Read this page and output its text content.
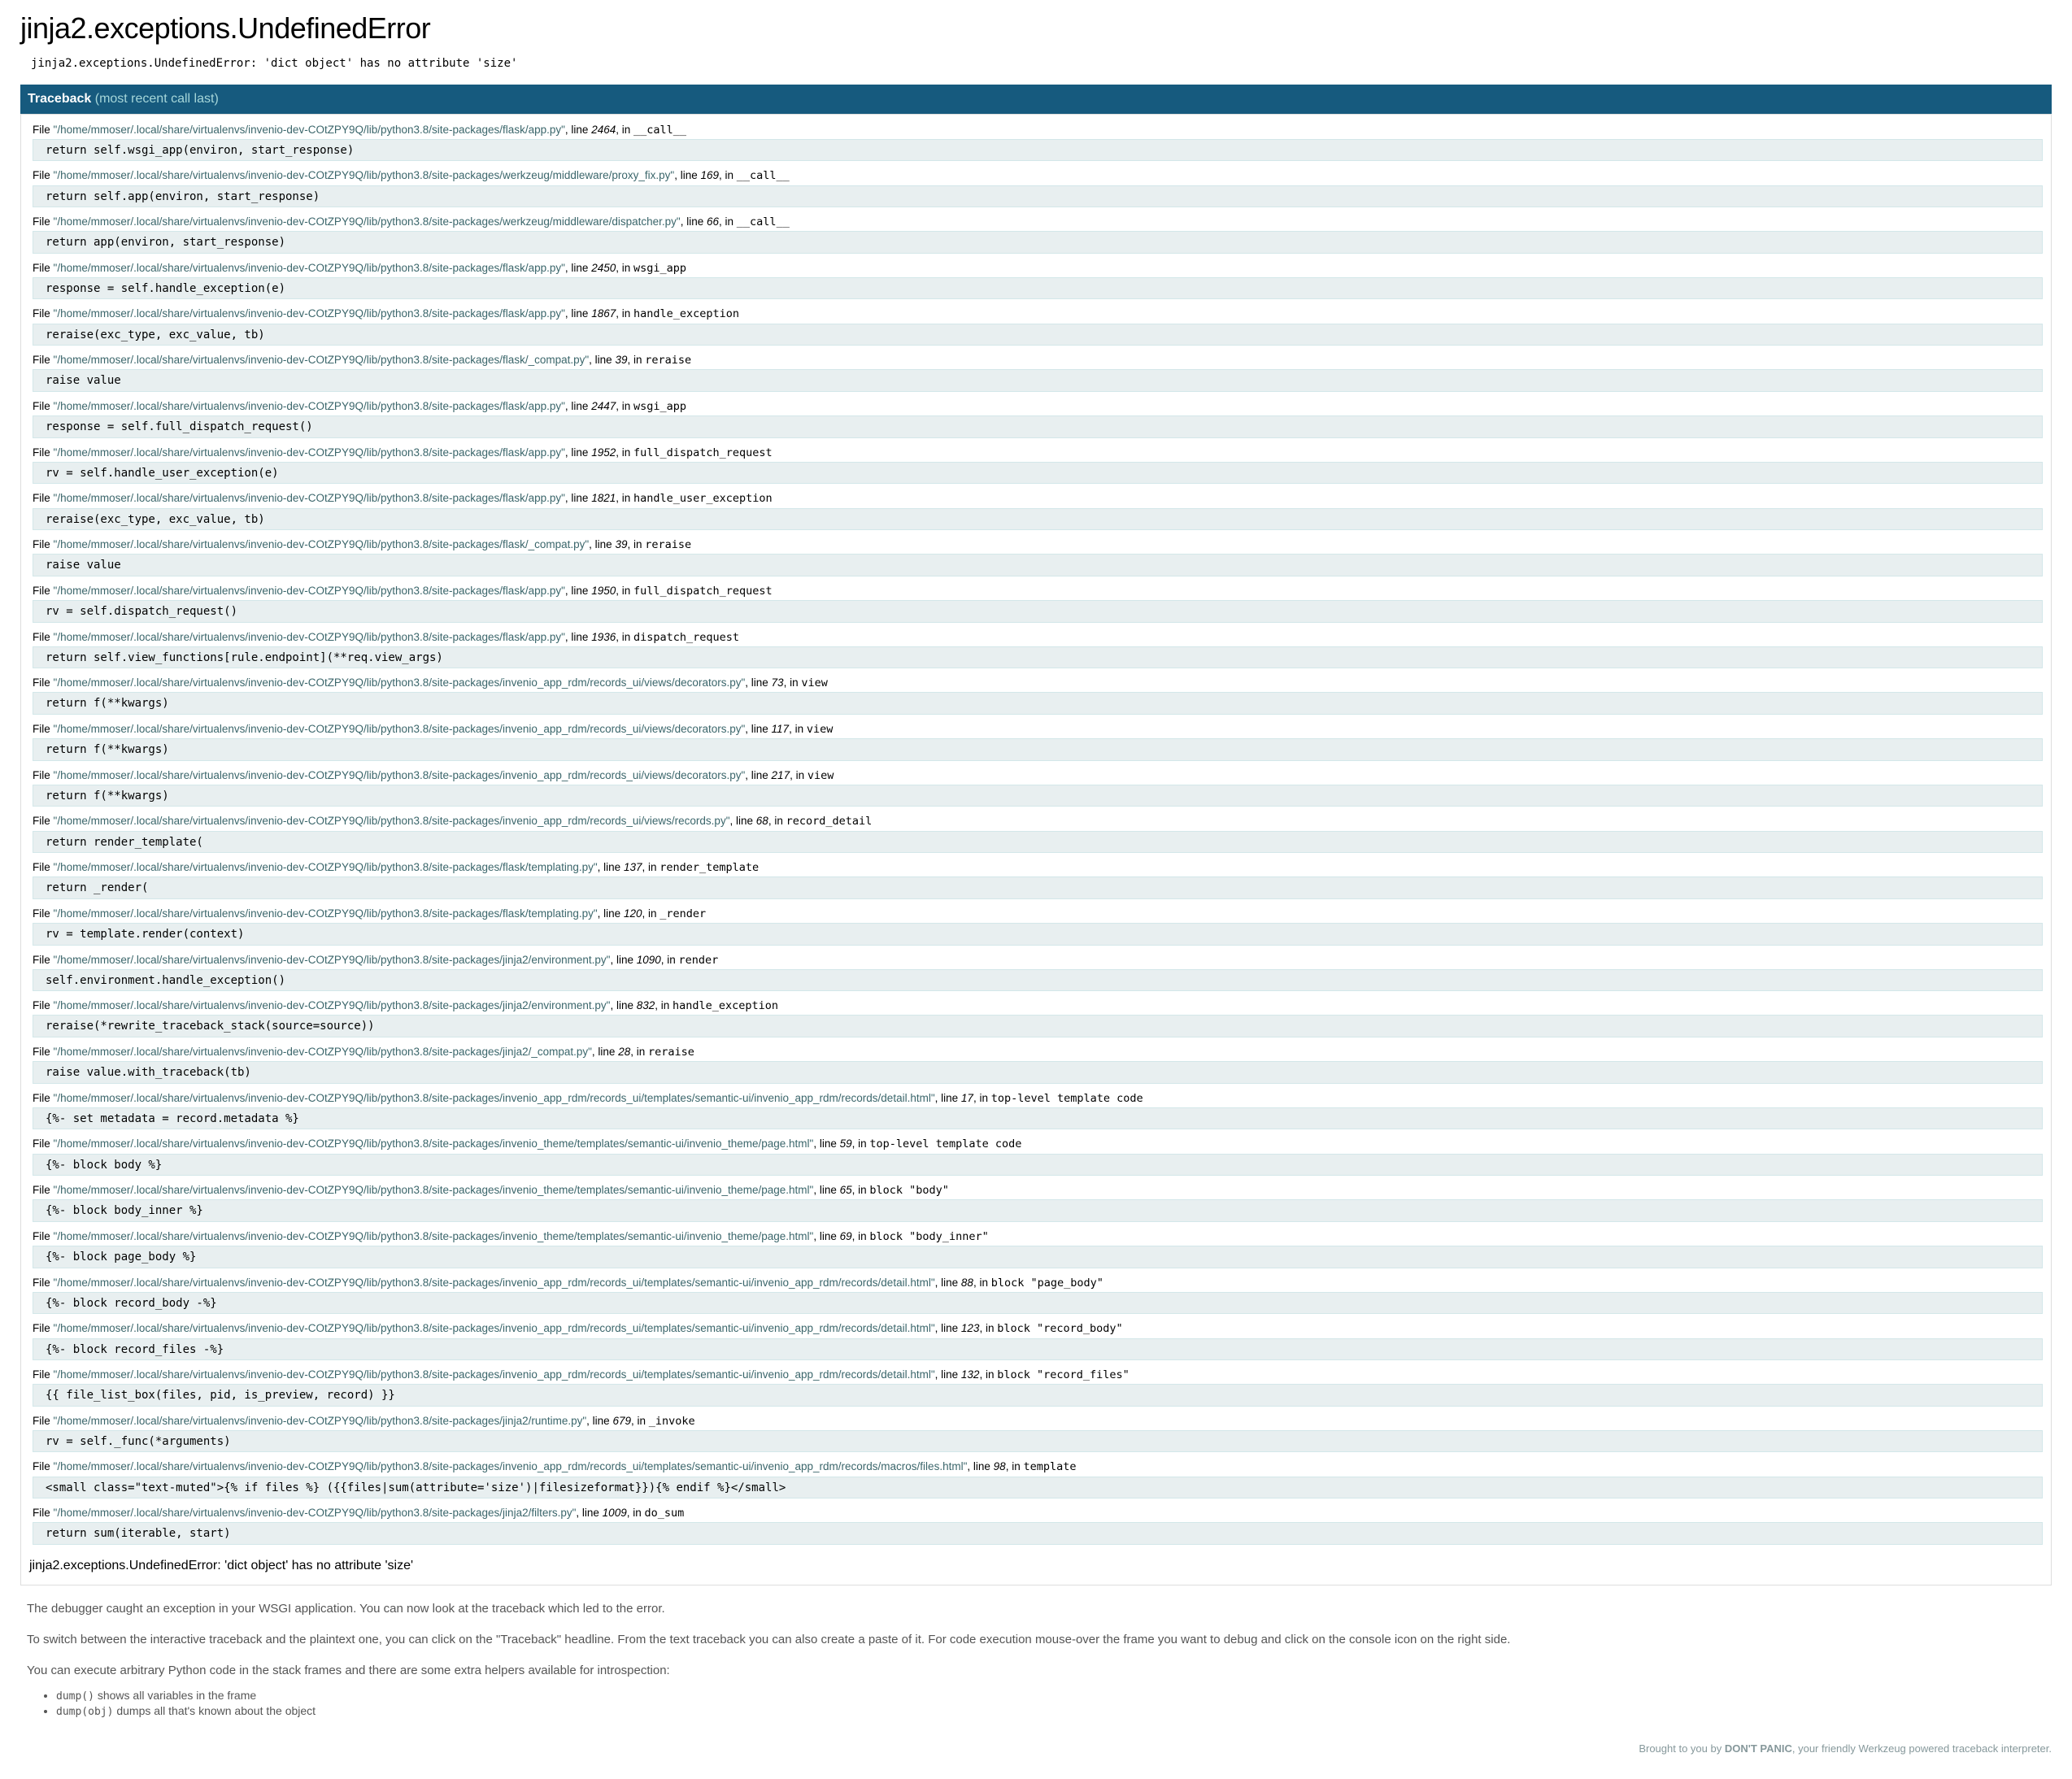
jinja2.exceptions.UndefinedError

jinja2.exceptions.UndefinedError: 'dict object' has no attribute 'size'

Traceback (most recent call last)
File " /home/mmoser/.local/share/virtualenvs/invenio-dev-COtZPY9Q/lib/python3.8/site-packages/flask/app.py " , line 2464, in __call__
return self.wsgi_app(environ, start_response)
File " /home/mmoser/.local/share/virtualenvs/invenio-dev-COtZPY9Q/lib/python3.8/site-packages/werkzeug/middleware/proxy_fix.py " , line 169, in __call__
return self.app(environ, start_response)
File " /home/mmoser/.local/share/virtualenvs/invenio-dev-COtZPY9Q/lib/python3.8/site-packages/werkzeug/middleware/dispatcher.py " , line 66, in __call__
return app(environ, start_response)
File " /home/mmoser/.local/share/virtualenvs/invenio-dev-COtZPY9Q/lib/python3.8/site-packages/flask/app.py " , line 2450, in wsgi_app
response = self.handle_exception(e)
File " /home/mmoser/.local/share/virtualenvs/invenio-dev-COtZPY9Q/lib/python3.8/site-packages/flask/app.py " , line 1867, in handle_exception
reraise(exc_type, exc_value, tb)
File " /home/mmoser/.local/share/virtualenvs/invenio-dev-COtZPY9Q/lib/python3.8/site-packages/flask/_compat.py " , line 39, in reraise
raise value
File " /home/mmoser/.local/share/virtualenvs/invenio-dev-COtZPY9Q/lib/python3.8/site-packages/flask/app.py " , line 2447, in wsgi_app
response = self.full_dispatch_request()
File " /home/mmoser/.local/share/virtualenvs/invenio-dev-COtZPY9Q/lib/python3.8/site-packages/flask/app.py " , line 1952, in full_dispatch_request
rv = self.handle_user_exception(e)
File " /home/mmoser/.local/share/virtualenvs/invenio-dev-COtZPY9Q/lib/python3.8/site-packages/flask/app.py " , line 1821, in handle_user_exception
reraise(exc_type, exc_value, tb)
File " /home/mmoser/.local/share/virtualenvs/invenio-dev-COtZPY9Q/lib/python3.8/site-packages/flask/_compat.py " , line 39, in reraise
raise value
File " /home/mmoser/.local/share/virtualenvs/invenio-dev-COtZPY9Q/lib/python3.8/site-packages/flask/app.py " , line 1950, in full_dispatch_request
rv = self.dispatch_request()
File " /home/mmoser/.local/share/virtualenvs/invenio-dev-COtZPY9Q/lib/python3.8/site-packages/flask/app.py " , line 1936, in dispatch_request
return self.view_functions[rule.endpoint](**req.view_args)
File " /home/mmoser/.local/share/virtualenvs/invenio-dev-COtZPY9Q/lib/python3.8/site-packages/invenio_app_rdm/records_ui/views/decorators.py " , line 73, in view
return f(**kwargs)
File " /home/mmoser/.local/share/virtualenvs/invenio-dev-COtZPY9Q/lib/python3.8/site-packages/invenio_app_rdm/records_ui/views/decorators.py " , line 117, in view
return f(**kwargs)
File " /home/mmoser/.local/share/virtualenvs/invenio-dev-COtZPY9Q/lib/python3.8/site-packages/invenio_app_rdm/records_ui/views/decorators.py " , line 217, in view
return f(**kwargs)
File " /home/mmoser/.local/share/virtualenvs/invenio-dev-COtZPY9Q/lib/python3.8/site-packages/invenio_app_rdm/records_ui/views/records.py " , line 68, in record_detail
return render_template(
File " /home/mmoser/.local/share/virtualenvs/invenio-dev-COtZPY9Q/lib/python3.8/site-packages/flask/templating.py " , line 137, in render_template
return _render(
File " /home/mmoser/.local/share/virtualenvs/invenio-dev-COtZPY9Q/lib/python3.8/site-packages/flask/templating.py " , line 120, in _render
rv = template.render(context)
File " /home/mmoser/.local/share/virtualenvs/invenio-dev-COtZPY9Q/lib/python3.8/site-packages/jinja2/environment.py " , line 1090, in render
self.environment.handle_exception()
File " /home/mmoser/.local/share/virtualenvs/invenio-dev-COtZPY9Q/lib/python3.8/site-packages/jinja2/environment.py " , line 832, in handle_exception
reraise(*rewrite_traceback_stack(source=source))
File " /home/mmoser/.local/share/virtualenvs/invenio-dev-COtZPY9Q/lib/python3.8/site-packages/jinja2/_compat.py " , line 28, in reraise
raise value.with_traceback(tb)
File " /home/mmoser/.local/share/virtualenvs/invenio-dev-COtZPY9Q/lib/python3.8/site-packages/invenio_app_rdm/records_ui/templates/semantic-ui/invenio_app_rdm/records/detail.html " , line 17, in top-level template code
{%- set metadata = record.metadata %}
File " /home/mmoser/.local/share/virtualenvs/invenio-dev-COtZPY9Q/lib/python3.8/site-packages/invenio_theme/templates/semantic-ui/invenio_theme/page.html " , line 59, in top-level template code
{%- block body %}
File " /home/mmoser/.local/share/virtualenvs/invenio-dev-COtZPY9Q/lib/python3.8/site-packages/invenio_theme/templates/semantic-ui/invenio_theme/page.html " , line 65, in block "body"
{%- block body_inner %}
File " /home/mmoser/.local/share/virtualenvs/invenio-dev-COtZPY9Q/lib/python3.8/site-packages/invenio_theme/templates/semantic-ui/invenio_theme/page.html " , line 69, in block "body_inner"
{%- block page_body %}
File " /home/mmoser/.local/share/virtualenvs/invenio-dev-COtZPY9Q/lib/python3.8/site-packages/invenio_app_rdm/records_ui/templates/semantic-ui/invenio_app_rdm/records/detail.html " , line 88, in block "page_body"
{%- block record_body -%}
File " /home/mmoser/.local/share/virtualenvs/invenio-dev-COtZPY9Q/lib/python3.8/site-packages/invenio_app_rdm/records_ui/templates/semantic-ui/invenio_app_rdm/records/detail.html " , line 123, in block "record_body"
{%- block record_files -%}
File " /home/mmoser/.local/share/virtualenvs/invenio-dev-COtZPY9Q/lib/python3.8/site-packages/invenio_app_rdm/records_ui/templates/semantic-ui/invenio_app_rdm/records/detail.html " , line 132, in block "record_files"
{{ file_list_box(files, pid, is_preview, record) }}
File " /home/mmoser/.local/share/virtualenvs/invenio-dev-COtZPY9Q/lib/python3.8/site-packages/jinja2/runtime.py " , line 679, in _invoke
rv = self._func(*arguments)
File " /home/mmoser/.local/share/virtualenvs/invenio-dev-COtZPY9Q/lib/python3.8/site-packages/invenio_app_rdm/records_ui/templates/semantic-ui/invenio_app_rdm/records/macros/files.html " , line 98, in template
<small class="text-muted">{% if files %} ({{files|sum(attribute='size')|filesizeformat}}){% endif %}</small>
File " /home/mmoser/.local/share/virtualenvs/invenio-dev-COtZPY9Q/lib/python3.8/site-packages/jinja2/filters.py " , line 1009, in do_sum
return sum(iterable, start)
jinja2.exceptions.UndefinedError: 'dict object' has no attribute 'size'

The debugger caught an exception in your WSGI application. You can now look at the traceback which led to the error.

To switch between the interactive traceback and the plaintext one, you can click on the "Traceback" headline. From the text traceback you can also create a paste of it. For code execution mouse-over the frame you want to debug and click on the console icon on the right side.

You can execute arbitrary Python code in the stack frames and there are some extra helpers available for introspection:

• dump() shows all variables in the frame
• dump(obj) dumps all that's known about the object
Brought to you by DON'T PANIC, your friendly Werkzeug powered traceback interpreter.
